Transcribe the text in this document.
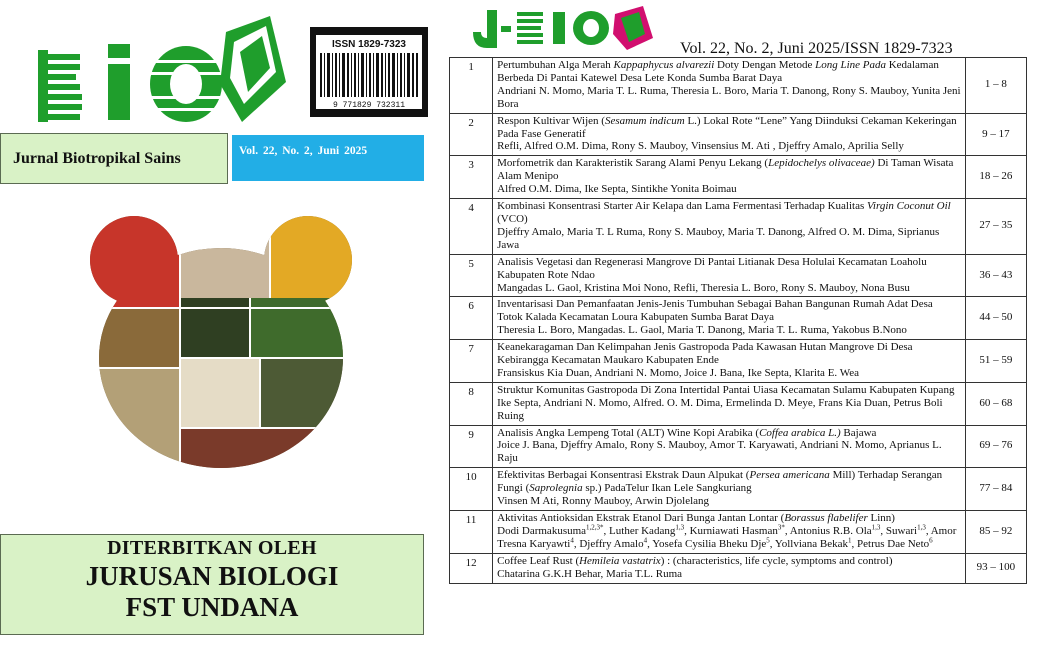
ISSN 1829-7323
9 771829 732311
Jurnal Biotropikal Sains	Vol. 22, No. 2, Juni 2025
DITERBITKAN OLEH
JURUSAN BIOLOGI
FST UNDANA
Vol. 22, No. 2, Juni 2025/ISSN 1829-7323
1	Pertumbuhan Alga Merah Kappaphycus alvarezii Doty Dengan Metode Long Line Pada Kedalaman Berbeda Di Pantai Katewel Desa Lete Konda Sumba Barat Daya
Andriani N. Momo, Maria T. L. Ruma, Theresia L. Boro, Maria T. Danong, Rony S. Mauboy, Yunita Jeni Bora	1 – 8
2	Respon Kultivar Wijen (Sesamum indicum L.) Lokal Rote “Lene” Yang Diinduksi Cekaman Kekeringan Pada Fase Generatif
Refli, Alfred O.M. Dima, Rony S. Mauboy, Vinsensius M. Ati , Djeffry Amalo, Aprilia Selly	9 – 17
3	Morfometrik dan Karakteristik Sarang Alami Penyu Lekang (Lepidochelys olivaceae) Di Taman Wisata Alam Menipo
Alfred O.M. Dima, Ike Septa, Sintikhe Yonita Boimau	18 – 26
4	Kombinasi Konsentrasi Starter Air Kelapa dan Lama Fermentasi Terhadap Kualitas Virgin Coconut Oil (VCO)
Djeffry Amalo, Maria T. L Ruma, Rony S. Mauboy, Maria T. Danong, Alfred O. M. Dima, Siprianus Jawa	27 – 35
5	Analisis Vegetasi dan Regenerasi Mangrove Di Pantai Litianak Desa Holulai Kecamatan Loaholu Kabupaten Rote Ndao
Mangadas L. Gaol, Kristina Moi Nono, Refli, Theresia L. Boro, Rony S. Mauboy, Nona Busu	36 – 43
6	Inventarisasi Dan Pemanfaatan Jenis-Jenis Tumbuhan Sebagai Bahan Bangunan Rumah Adat Desa Totok Kalada Kecamatan Loura Kabupaten Sumba Barat Daya
Theresia L. Boro, Mangadas. L. Gaol, Maria T. Danong, Maria T. L. Ruma, Yakobus B.Nono	44 – 50
7	Keanekaragaman Dan Kelimpahan Jenis Gastropoda Pada Kawasan Hutan Mangrove Di Desa Kebirangga Kecamatan Maukaro Kabupaten Ende
Fransiskus Kia Duan, Andriani N. Momo, Joice J. Bana, Ike Septa, Klarita E. Wea	51 – 59
8	Struktur Komunitas Gastropoda Di Zona Intertidal Pantai Uiasa Kecamatan Sulamu Kabupaten Kupang
Ike Septa, Andriani N. Momo, Alfred. O. M. Dima, Ermelinda D. Meye, Frans Kia Duan, Petrus Boli Ruing	60 – 68
9	Analisis Angka Lempeng Total (ALT) Wine Kopi Arabika (Coffea arabica L.) Bajawa
Joice J. Bana, Djeffry Amalo, Rony S. Mauboy, Amor T. Karyawati, Andriani N. Momo, Aprianus L. Raju	69 – 76
10	Efektivitas Berbagai Konsentrasi Ekstrak Daun Alpukat (Persea americana Mill) Terhadap Serangan Fungi (Saprolegnia sp.) PadaTelur Ikan Lele Sangkuriang
Vinsen M Ati, Ronny Mauboy, Arwin Djolelang	77 – 84
11	Aktivitas Antioksidan Ekstrak Etanol Dari Bunga Jantan Lontar (Borassus flabelifer Linn)
Dodi Darmakusuma$^{1,2,3*}$, Luther Kadang$^{1,3}$, Kurniawati Hasman$^{3*}$, Antonius R.B. Ola$^{1,3}$, Suwari$^{1,3}$, Amor Tresna Karyawti$^4$, Djeffry Amalo$^4$, Yosefa Cysilia Bheku Dje$^5$, Yollviana Bekak$^1$, Petrus Dae Neto$^6$	85 – 92
12	Coffee Leaf Rust (Hemileia vastatrix) : (characteristics, life cycle, symptoms and control)
Chatarina G.K.H Behar, Maria T.L. Ruma	93 – 100
